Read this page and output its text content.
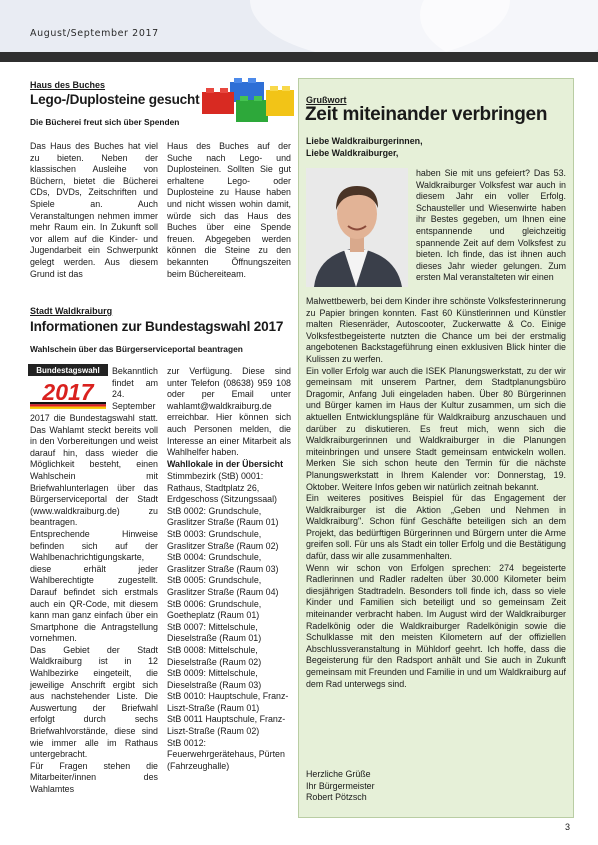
August/September 2017
Haus des Buches
Lego-/Duplosteine gesucht
Die Bücherei freut sich über Spenden
Das Haus des Buches hat viel zu bieten. Neben der klassischen Ausleihe von Büchern, bietet die Bücherei CDs, DVDs, Zeitschriften und Spiele an. Auch Veranstaltungen nehmen immer mehr Raum ein. In Zukunft soll vor allem auf die Kinder- und Jugendarbeit ein Schwerpunkt gelegt werden. Aus diesem Grund ist das
Haus des Buches auf der Suche nach Lego- und Duplosteinen. Sollten Sie gut erhaltene Lego- oder Duplosteine zu Hause haben und nicht wissen wohin damit, würde sich das Haus des Buches über eine Spende freuen. Abgegeben werden können die Steine zu den bekannten Öffnungszeiten beim Büchereiteam.
Stadt Waldkraiburg
Informationen zur Bundestagswahl 2017
Wahlschein über das Bürgerserviceportal beantragen
Bundestagswahl
2017
Bekanntlich findet am 24. September
2017 die Bundestagswahl statt. Das Wahlamt steckt bereits voll in den Vorbereitungen und weist darauf hin, dass wieder die Möglichkeit besteht, einen Wahlschein mit Briefwahlunterlagen über das Bürgerserviceportal der Stadt (www.waldkraiburg.de) zu beantragen.
Entsprechende Hinweise befinden sich auf der Wahlbenachrichtigungskarte, diese erhält jeder Wahlberechtigte zugestellt. Darauf befindet sich erstmals auch ein QR-Code, mit diesem kann man ganz einfach über ein Smartphone die Antragstellung vornehmen.
Das Gebiet der Stadt Waldkraiburg ist in 12 Wahlbezirke eingeteilt, die jeweilige Anschrift ergibt sich aus nachstehender Liste. Die Auswertung der Briefwahl erfolgt durch sechs Briefwahlvorstände, diese sind wie immer alle im Rathaus untergebracht.
Für Fragen stehen die Mitarbeiter/innen des Wahlamtes
zur Verfügung. Diese sind unter Telefon (08638) 959 108 oder per Email unter wahlamt@waldkraiburg.de erreichbar. Hier können sich auch Personen melden, die Interesse an einer Mitarbeit als Wahlhelfer haben.
Wahllokale in der Übersicht
Stimmbezirk (StB) 0001: Rathaus, Stadtplatz 26, Erdgeschoss (Sitzungssaal)
StB 0002: Grundschule, Graslitzer Straße (Raum 01)
StB 0003: Grundschule, Graslitzer Straße (Raum 02)
StB 0004: Grundschule, Graslitzer Straße (Raum 03)
StB 0005: Grundschule, Graslitzer Straße (Raum 04)
StB 0006: Grundschule, Goetheplatz (Raum 01)
StB 0007: Mittelschule, Dieselstraße (Raum 01)
StB 0008: Mittelschule, Dieselstraße (Raum 02)
StB 0009: Mittelschule, Dieselstraße (Raum 03)
StB 0010: Hauptschule, Franz-Liszt-Straße (Raum 01)
StB 0011 Hauptschule, Franz-Liszt-Straße (Raum 02)
StB 0012: Feuerwehrgerätehaus, Pürten (Fahrzeughalle)
Grußwort
Zeit miteinander verbringen
Liebe Waldkraiburgerinnen,
Liebe Waldkraiburger,
haben Sie mit uns gefeiert? Das 53. Waldkraiburger Volksfest war auch in diesem Jahr ein voller Erfolg. Schausteller und Wiesenwirte haben ihr Bestes gegeben, um Ihnen eine entspannende und gleichzeitig spannende Zeit auf dem Volksfest zu bieten. Ich finde, das ist ihnen auch dieses Jahr wieder gelungen. Zum ersten Mal veranstalteten wir einen
Malwettbewerb, bei dem Kinder ihre schönste Volksfesterinnerung zu Papier bringen konnten. Fast 60 Künstlerinnen und Künstler malten Riesenräder, Autoscooter, Zuckerwatte & Co. Einige Volksfestbegeisterte nutzten die Chance um bei der erstmalig angebotenen Backstageführung einen exklusiven Blick hinter die Kulissen zu werfen.
Ein voller Erfolg war auch die ISEK Planungswerkstatt, zu der wir gemeinsam mit unserem Partner, dem Stadtplanungsbüro Dragomir, Anfang Juli eingeladen haben. Über 80 Bürgerinnen und Bürger kamen im Haus der Kultur zusammen, um sich die aktuellen Entwicklungspläne für Waldkraiburg anzuschauen und darüber zu diskutieren. Es freut mich, wenn sich die Waldkraiburgerinnen und Waldkraiburger in die Planungen miteinbringen und unsere Stadt gemeinsam entwickeln wollen. Merken Sie sich schon heute den Termin für die nächste Planungswerkstatt in Ihrem Kalender vor: Donnerstag, 19. Oktober. Weitere Infos geben wir natürlich zeitnah bekannt.
Ein weiteres positives Beispiel für das Engagement der Waldkraiburger ist die Aktion „Geben und Nehmen in Waldkraiburg". Schon fünf Geschäfte beteiligen sich an dem Projekt, das bedürftigen Bürgerinnen und Bürgern unter die Arme greifen soll. Für uns als Stadt ein toller Erfolg und die Bestätigung dafür, dass wir alle zusammenhalten.
Wenn wir schon von Erfolgen sprechen: 274 begeisterte Radlerinnen und Radler radelten über 30.000 Kilometer beim diesjährigen Stadtradeln. Besonders toll finde ich, dass so viele Kinder und Familien sich beteiligt und so gemeinsam Zeit miteinander verbracht haben. Im August wird der Waldkraiburger Radelkönig oder die Waldkraiburger Radelkönigin sowie die Schulklasse mit den meisten Kilometern auf der offiziellen Abschlussveranstaltung in Mühldorf geehrt. Ich hoffe, dass die Begeisterung für den Radsport anhält und Sie auch in Zukunft gemeinsam mit Freunden und Familie in und um Waldkraiburg auf dem Rad unterwegs sind.
Herzliche Grüße
Ihr Bürgermeister
Robert Pötzsch
3
